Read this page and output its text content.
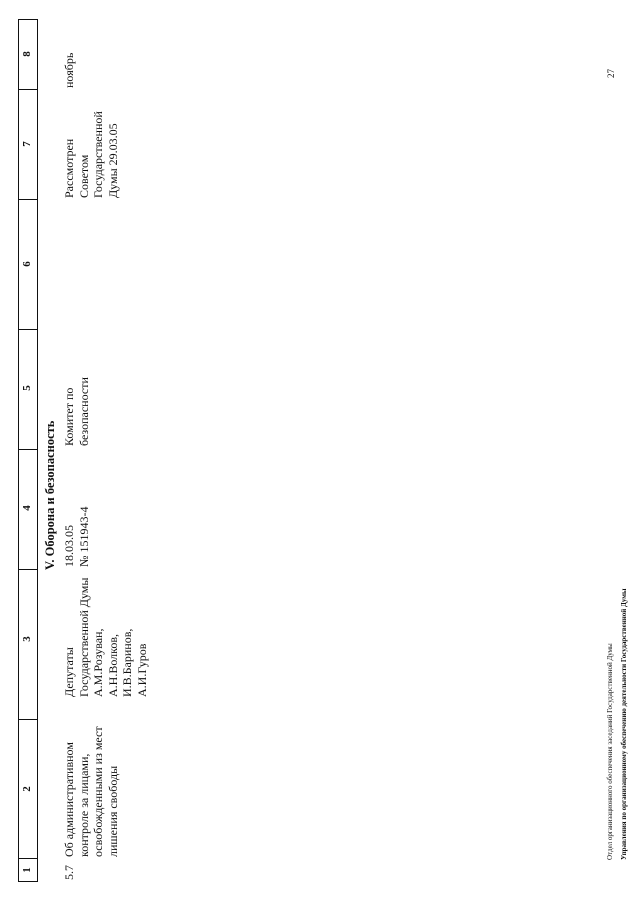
1
2
3
4
5
6
7
8
V. Оборона и безопасность
5.7
Об административном контроле за лицами, освобожденными из мест лишения свободы
Депутаты
Государственной Думы
А.М.Розуван,
А.Н.Волков,
И.В.Баринов,
А.И.Гуров
18.03.05
№ 151943-4
Комитет по
безопасности
Рассмотрен
Советом
Государственной
Думы 29.03.05
ноябрь	27
Отдел организационного обеспечения заседаний Государственной Думы Управления по организационному обеспечению деятельности Государственной Думы
